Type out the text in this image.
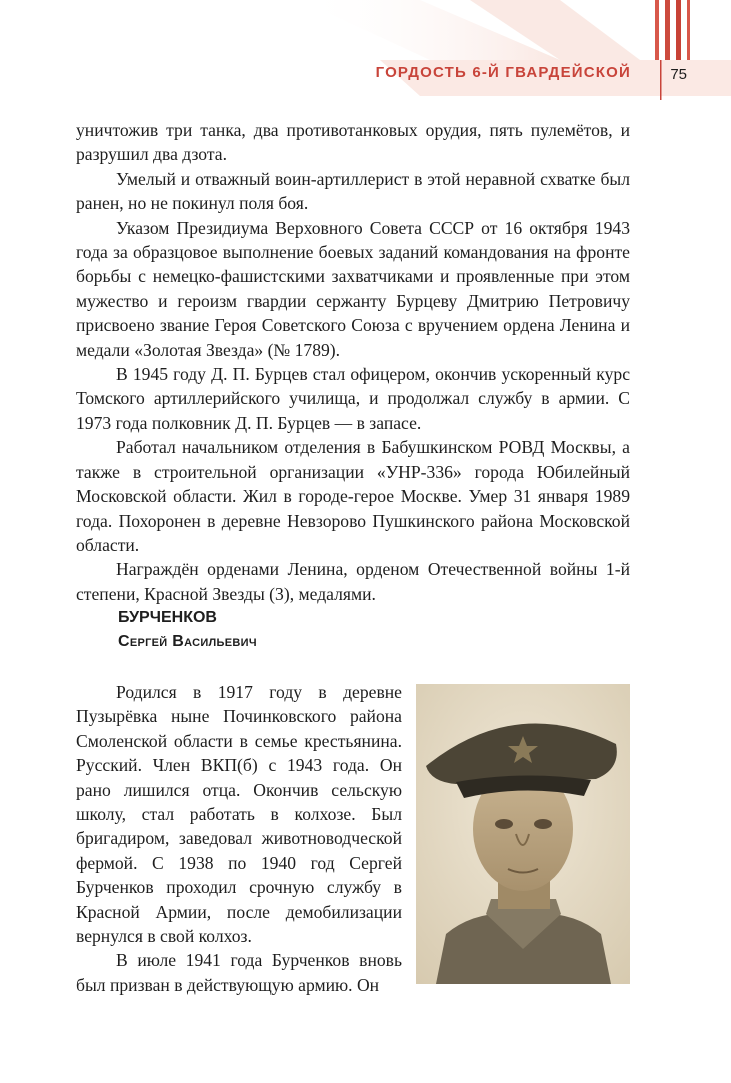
ГОРДОСТЬ 6-Й ГВАРДЕЙСКОЙ	75

уничтожив три танка, два противотанковых орудия, пять пулемётов, и разрушил два дзота.

Умелый и отважный воин-артиллерист в этой неравной схватке был ранен, но не покинул поля боя.

Указом Президиума Верховного Совета СССР от 16 октября 1943 года за образцовое выполнение боевых заданий командования на фронте борьбы с немецко-фашистскими захватчиками и проявленные при этом мужество и героизм гвардии сержанту Бурцеву Дмитрию Петровичу присвоено звание Героя Советского Союза с вручением ордена Ленина и медали «Золотая Звезда» (№ 1789).

В 1945 году Д. П. Бурцев стал офицером, окончив ускоренный курс Томского артиллерийского училища, и продолжал службу в армии. С 1973 года полковник Д. П. Бурцев — в запасе.

Работал начальником отделения в Бабушкинском РОВД Москвы, а также в строительной организации «УНР-336» города Юбилейный Московской области. Жил в городе-герое Москве. Умер 31 января 1989 года. Похоронен в деревне Невзорово Пушкинского района Московской области.

Награждён орденами Ленина, орденом Отечественной войны 1-й степени, Красной Звезды (3), медалями.

БУРЧЕНКОВ
Сергей Васильевич

Родился в 1917 году в деревне Пузырёвка ныне Починковского района Смоленской области в семье крестьянина. Русский. Член ВКП(б) с 1943 года. Он рано лишился отца. Окончив сельскую школу, стал работать в колхозе. Был бригадиром, заведовал животноводческой фермой. С 1938 по 1940 год Сергей Бурченков проходил срочную службу в Красной Армии, после демобилизации вернулся в свой колхоз.

В июле 1941 года Бурченков вновь был призван в действующую армию. Он
